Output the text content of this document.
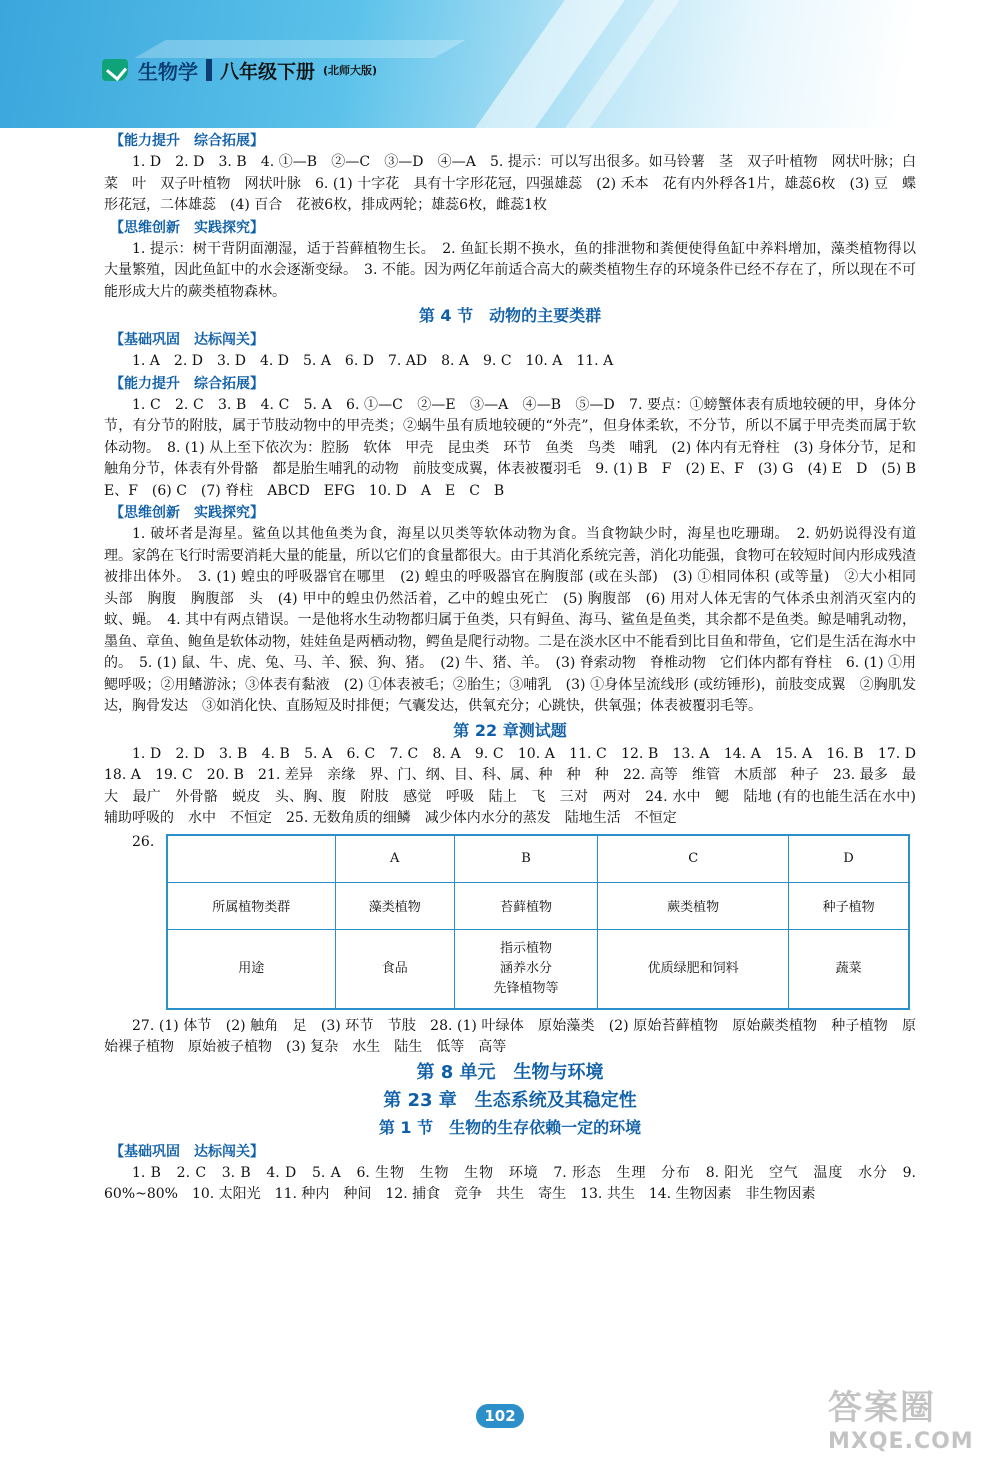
生物学 八年级下册 (北师大版)
【能力提升　综合拓展】

1. D　2. D　3. B　4. ①—B　②—C　③—D　④—A　5. 提示：可以写出很多。如马铃薯　茎　双子叶植物　网状叶脉；白菜　叶　双子叶植物　网状叶脉　6. (1) 十字花　具有十字形花冠，四强雄蕊　(2) 禾本　花有内外稃各1片，雄蕊6枚　(3) 豆　蝶形花冠，二体雄蕊　(4) 百合　花被6枚，排成两轮；雄蕊6枚，雌蕊1枚

【思维创新　实践探究】

1. 提示：树干背阴面潮湿，适于苔藓植物生长。　2. 鱼缸长期不换水，鱼的排泄物和粪便使得鱼缸中养料增加，藻类植物得以大量繁殖，因此鱼缸中的水会逐渐变绿。　3. 不能。因为两亿年前适合高大的蕨类植物生存的环境条件已经不存在了，所以现在不可能形成大片的蕨类植物森林。

第 4 节　动物的主要类群
【基础巩固　达标闯关】

1. A　2. D　3. D　4. D　5. A　6. D　7. AD　8. A　9. C　10. A　11. A

【能力提升　综合拓展】

1. C　2. C　3. B　4. C　5. A　6. ①—C　②—E　③—A　④—B　⑤—D　7. 要点：①螃蟹体表有质地较硬的甲，身体分节，有分节的附肢，属于节肢动物中的甲壳类；②蜗牛虽有质地较硬的“外壳”，但身体柔软，不分节，所以不属于甲壳类而属于软体动物。　8. (1) 从上至下依次为：腔肠　软体　甲壳　昆虫类　环节　鱼类　鸟类　哺乳　(2) 体内有无脊柱　(3) 身体分节，足和触角分节，体表有外骨骼　都是胎生哺乳的动物　前肢变成翼，体表被覆羽毛　9. (1) B　F　(2) E、F　(3) G　(4) E　D　(5) B　E、F　(6) C　(7) 脊柱　ABCD　EFG　10. D　A　E　C　B

【思维创新　实践探究】

1. 破坏者是海星。鲨鱼以其他鱼类为食，海星以贝类等软体动物为食。当食物缺少时，海星也吃珊瑚。　2. 奶奶说得没有道理。家鸽在飞行时需要消耗大量的能量，所以它们的食量都很大。由于其消化系统完善，消化功能强，食物可在较短时间内形成残渣被排出体外。　3. (1) 蝗虫的呼吸器官在哪里　(2) 蝗虫的呼吸器官在胸腹部 (或在头部)　(3) ①相同体积 (或等量)　②大小相同　头部　胸腹　胸腹部　头　(4) 甲中的蝗虫仍然活着，乙中的蝗虫死亡　(5) 胸腹部　(6) 用对人体无害的气体杀虫剂消灭室内的蚊、蝇。　4. 其中有两点错误。一是他将水生动物都归属于鱼类，只有鲟鱼、海马、鲨鱼是鱼类，其余都不是鱼类。鲸是哺乳动物，墨鱼、章鱼、鲍鱼是软体动物，娃娃鱼是两栖动物，鳄鱼是爬行动物。二是在淡水区中不能看到比目鱼和带鱼，它们是生活在海水中的。　5. (1) 鼠、牛、虎、兔、马、羊、猴、狗、猪。　(2) 牛、猪、羊。　(3) 脊索动物　脊椎动物　它们体内都有脊柱　6. (1) ①用鳃呼吸；②用鳍游泳；③体表有黏液　(2) ①体表被毛；②胎生；③哺乳　(3) ①身体呈流线形 (或纺锤形)，前肢变成翼　②胸肌发达，胸骨发达　③如消化快、直肠短及时排便；气囊发达，供氧充分；心跳快，供氧强；体表被覆羽毛等。

第 22 章测试题

1. D　2. D　3. B　4. B　5. A　6. C　7. C　8. A　9. C　10. A　11. C　12. B　13. A　14. A　15. A　16. B　17. D　18. A　19. C　20. B　21. 差异　亲缘　界、门、纲、目、科、属、种　种　种　22. 高等　维管　木质部　种子　23. 最多　最大　最广　外骨骼　蜕皮　头、胸、腹　附肢　感觉　呼吸　陆上　飞　三对　两对　24. 水中　鳃　陆地 (有的也能生活在水中)　辅助呼吸的　水中　不恒定　25. 无数角质的细鳞　减少体内水分的蒸发　陆地生活　不恒定

26.
	A	B	C	D
所属植物类群	藻类植物	苔藓植物	蕨类植物	种子植物
用途	食品	指示植物
涵养水分
先锋植物等	优质绿肥和饲料	蔬菜

27. (1) 体节　(2) 触角　足　(3) 环节　节肢　28. (1) 叶绿体　原始藻类　(2) 原始苔藓植物　原始蕨类植物　种子植物　原始裸子植物　原始被子植物　(3) 复杂　水生　陆生　低等　高等

第 8 单元　生物与环境
第 23 章　生态系统及其稳定性
第 1 节　生物的生存依赖一定的环境
【基础巩固　达标闯关】

1. B　2. C　3. B　4. D　5. A　6. 生物　生物　生物　环境　7. 形态　生理　分布　8. 阳光　空气　温度　水分　9. 60%~80%　10. 太阳光　11. 种内　种间　12. 捕食　竞争　共生　寄生　13. 共生　14. 生物因素　非生物因素

102	答案圈
MXQE.COM
